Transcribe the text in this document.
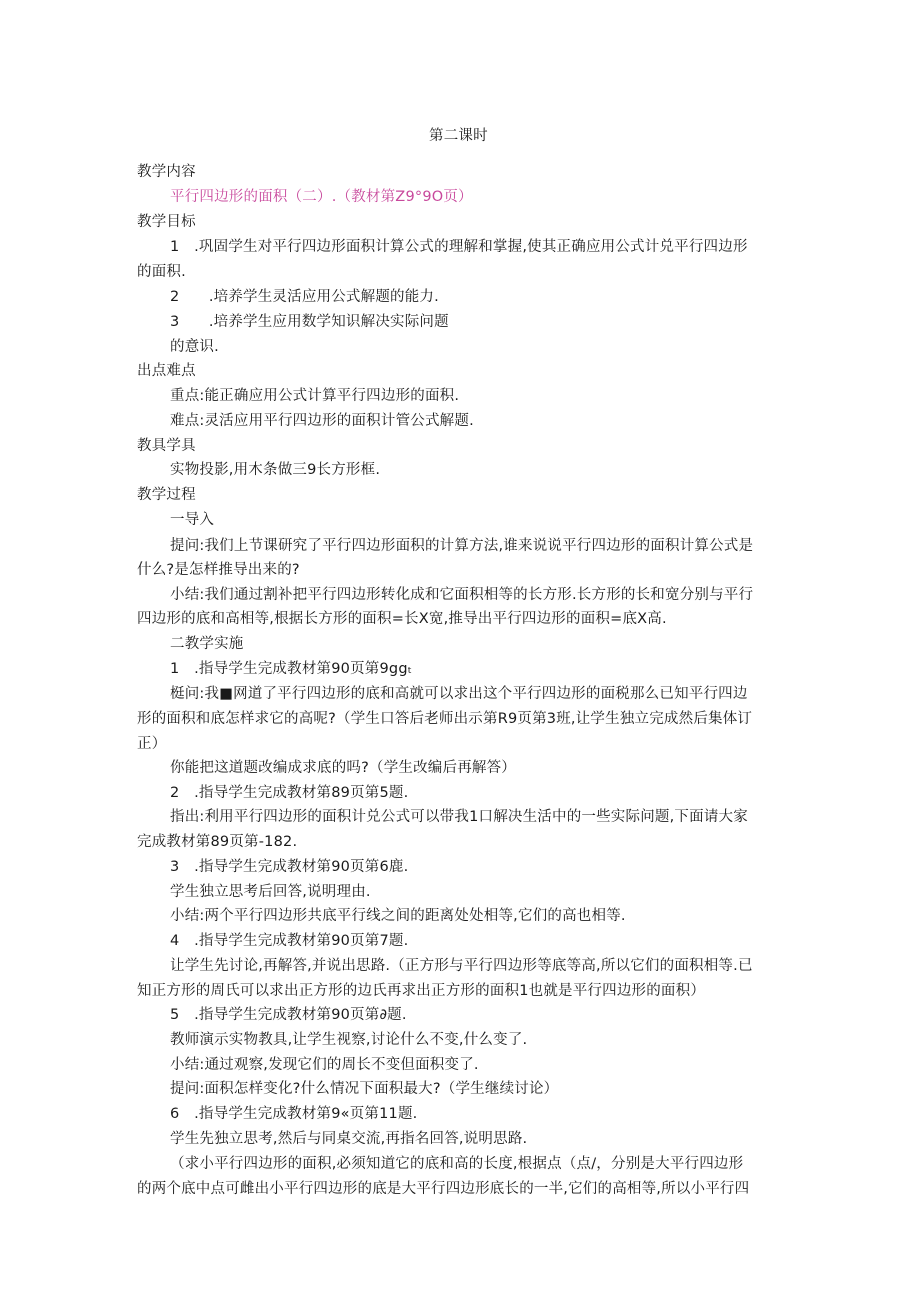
第二课时
教学内容
平行四边形的面积（二）.（教材第Z9°9O页）
教学目标
1　.巩固学生对平行四边形面积计算公式的理解和掌握,使其正确应用公式计兑平行四边形
的面积.
2　　.培养学生灵活应用公式解题的能力.
3　　.培养学生应用数学知识解决实际问题
的意识.
出点难点
重点:能正确应用公式计算平行四边形的面积.
难点:灵活应用平行四边形的面积计管公式解题.
教具学具
实物投影,用木条做三9长方形框.
教学过程
一导入
提问:我们上节课研究了平行四边形面积的计算方法,谁来说说平行四边形的面积计算公式是
什么?是怎样推导出来的?
小结:我们通过割补把平行四边形转化成和它面积相等的长方形.长方形的长和宽分别与平行
四边形的底和高相等,根据长方形的面积=长X宽,推导出平行四边形的面积=底X高.
二教学实施
1　.指导学生完成教材第90页第9ggₜ
梃问:我■网道了平行四边形的底和高就可以求出这个平行四边形的面税那么已知平行四边
形的面积和底怎样求它的高呢?（学生口答后老师出示第R9页第3班,让学生独立完成然后集体订
正）
你能把这道题改编成求底的吗?（学生改编后再解答）
2　.指导学生完成教材第89页第5题.
指出:利用平行四边形的面积计兑公式可以带我1口解决生活中的一些实际问题,下面请大家
完成教材第89页第-182.
3　.指导学生完成教材第90页第6鹿.
学生独立思考后回答,说明理由.
小结:两个平行四边形共底平行线之间的距离处处相等,它们的高也相等.
4　.指导学生完成教材第90页第7题.
让学生先讨论,再解答,并说出思路.（正方形与平行四边形等底等高,所以它们的面积相等.已
知正方形的周氏可以求出正方形的边氏再求出正方形的面积1也就是平行四边形的面积）
5　.指导学生完成教材第90页第∂题.
教师演示实物教具,让学生视察,讨论什么不变,什么变了.
小结:通过观察,发现它们的周长不变但面积变了.
提问:面积怎样变化?什么情况下面积最大?（学生继续讨论）
6　.指导学生完成教材第9«页第11题.
学生先独立思考,然后与同桌交流,再指名回答,说明思路.
（求小平行四边形的面积,必须知道它的底和高的长度,根据点（点/，分别是大平行四边形
的两个底中点可雌出小平行四边形的底是大平行四边形底长的一半,它们的高相等,所以小平行四
